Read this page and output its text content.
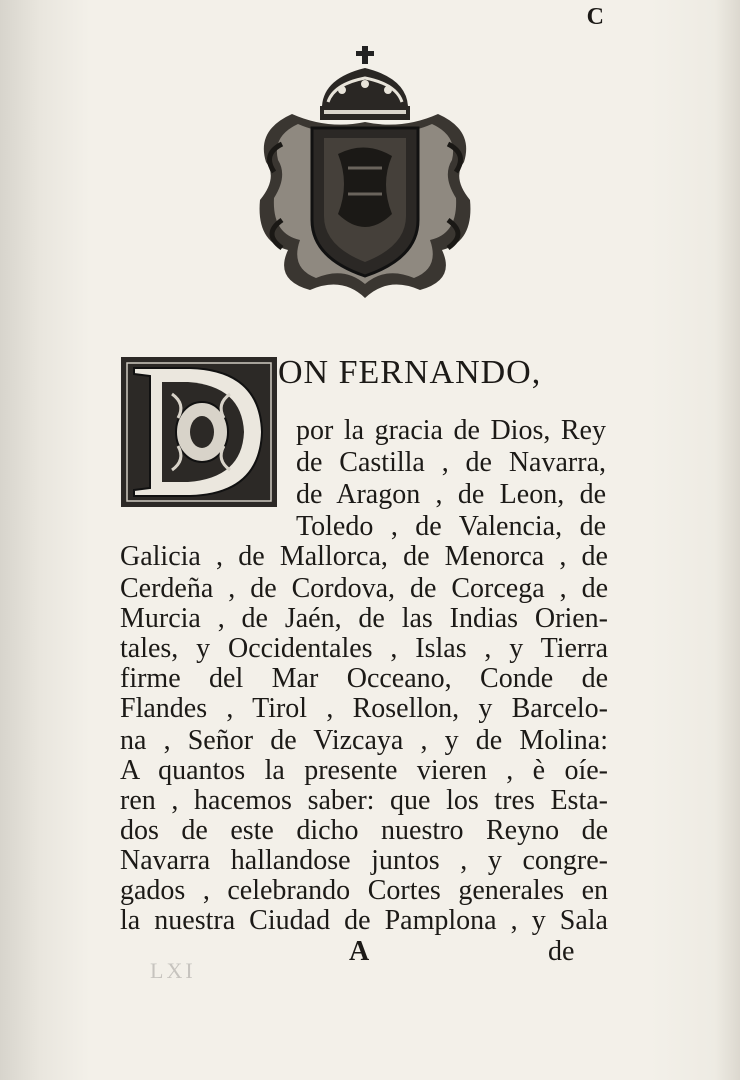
C
ON FERNANDO,
por la gracia de Dios, Rey
de Castilla , de Navarra,
de Aragon , de Leon, de
Toledo , de Valencia, de
Galicia , de Mallorca, de Menorca , de
Cerdeña , de Cordova, de Corcega , de
Murcia , de Jaén, de las Indias Orien-
tales, y Occidentales , Islas , y Tierra
firme del Mar Occeano, Conde de
Flandes , Tirol , Rosellon, y Barcelo-
na , Señor de Vizcaya , y de Molina:
A quantos la presente vieren , è oíe-
ren , hacemos saber: que los tres Esta-
dos de este dicho nuestro Reyno de
Navarra hallandose juntos , y congre-
gados , celebrando Cortes generales en
la nuestra Ciudad de Pamplona , y Sala
A	de
LXI
